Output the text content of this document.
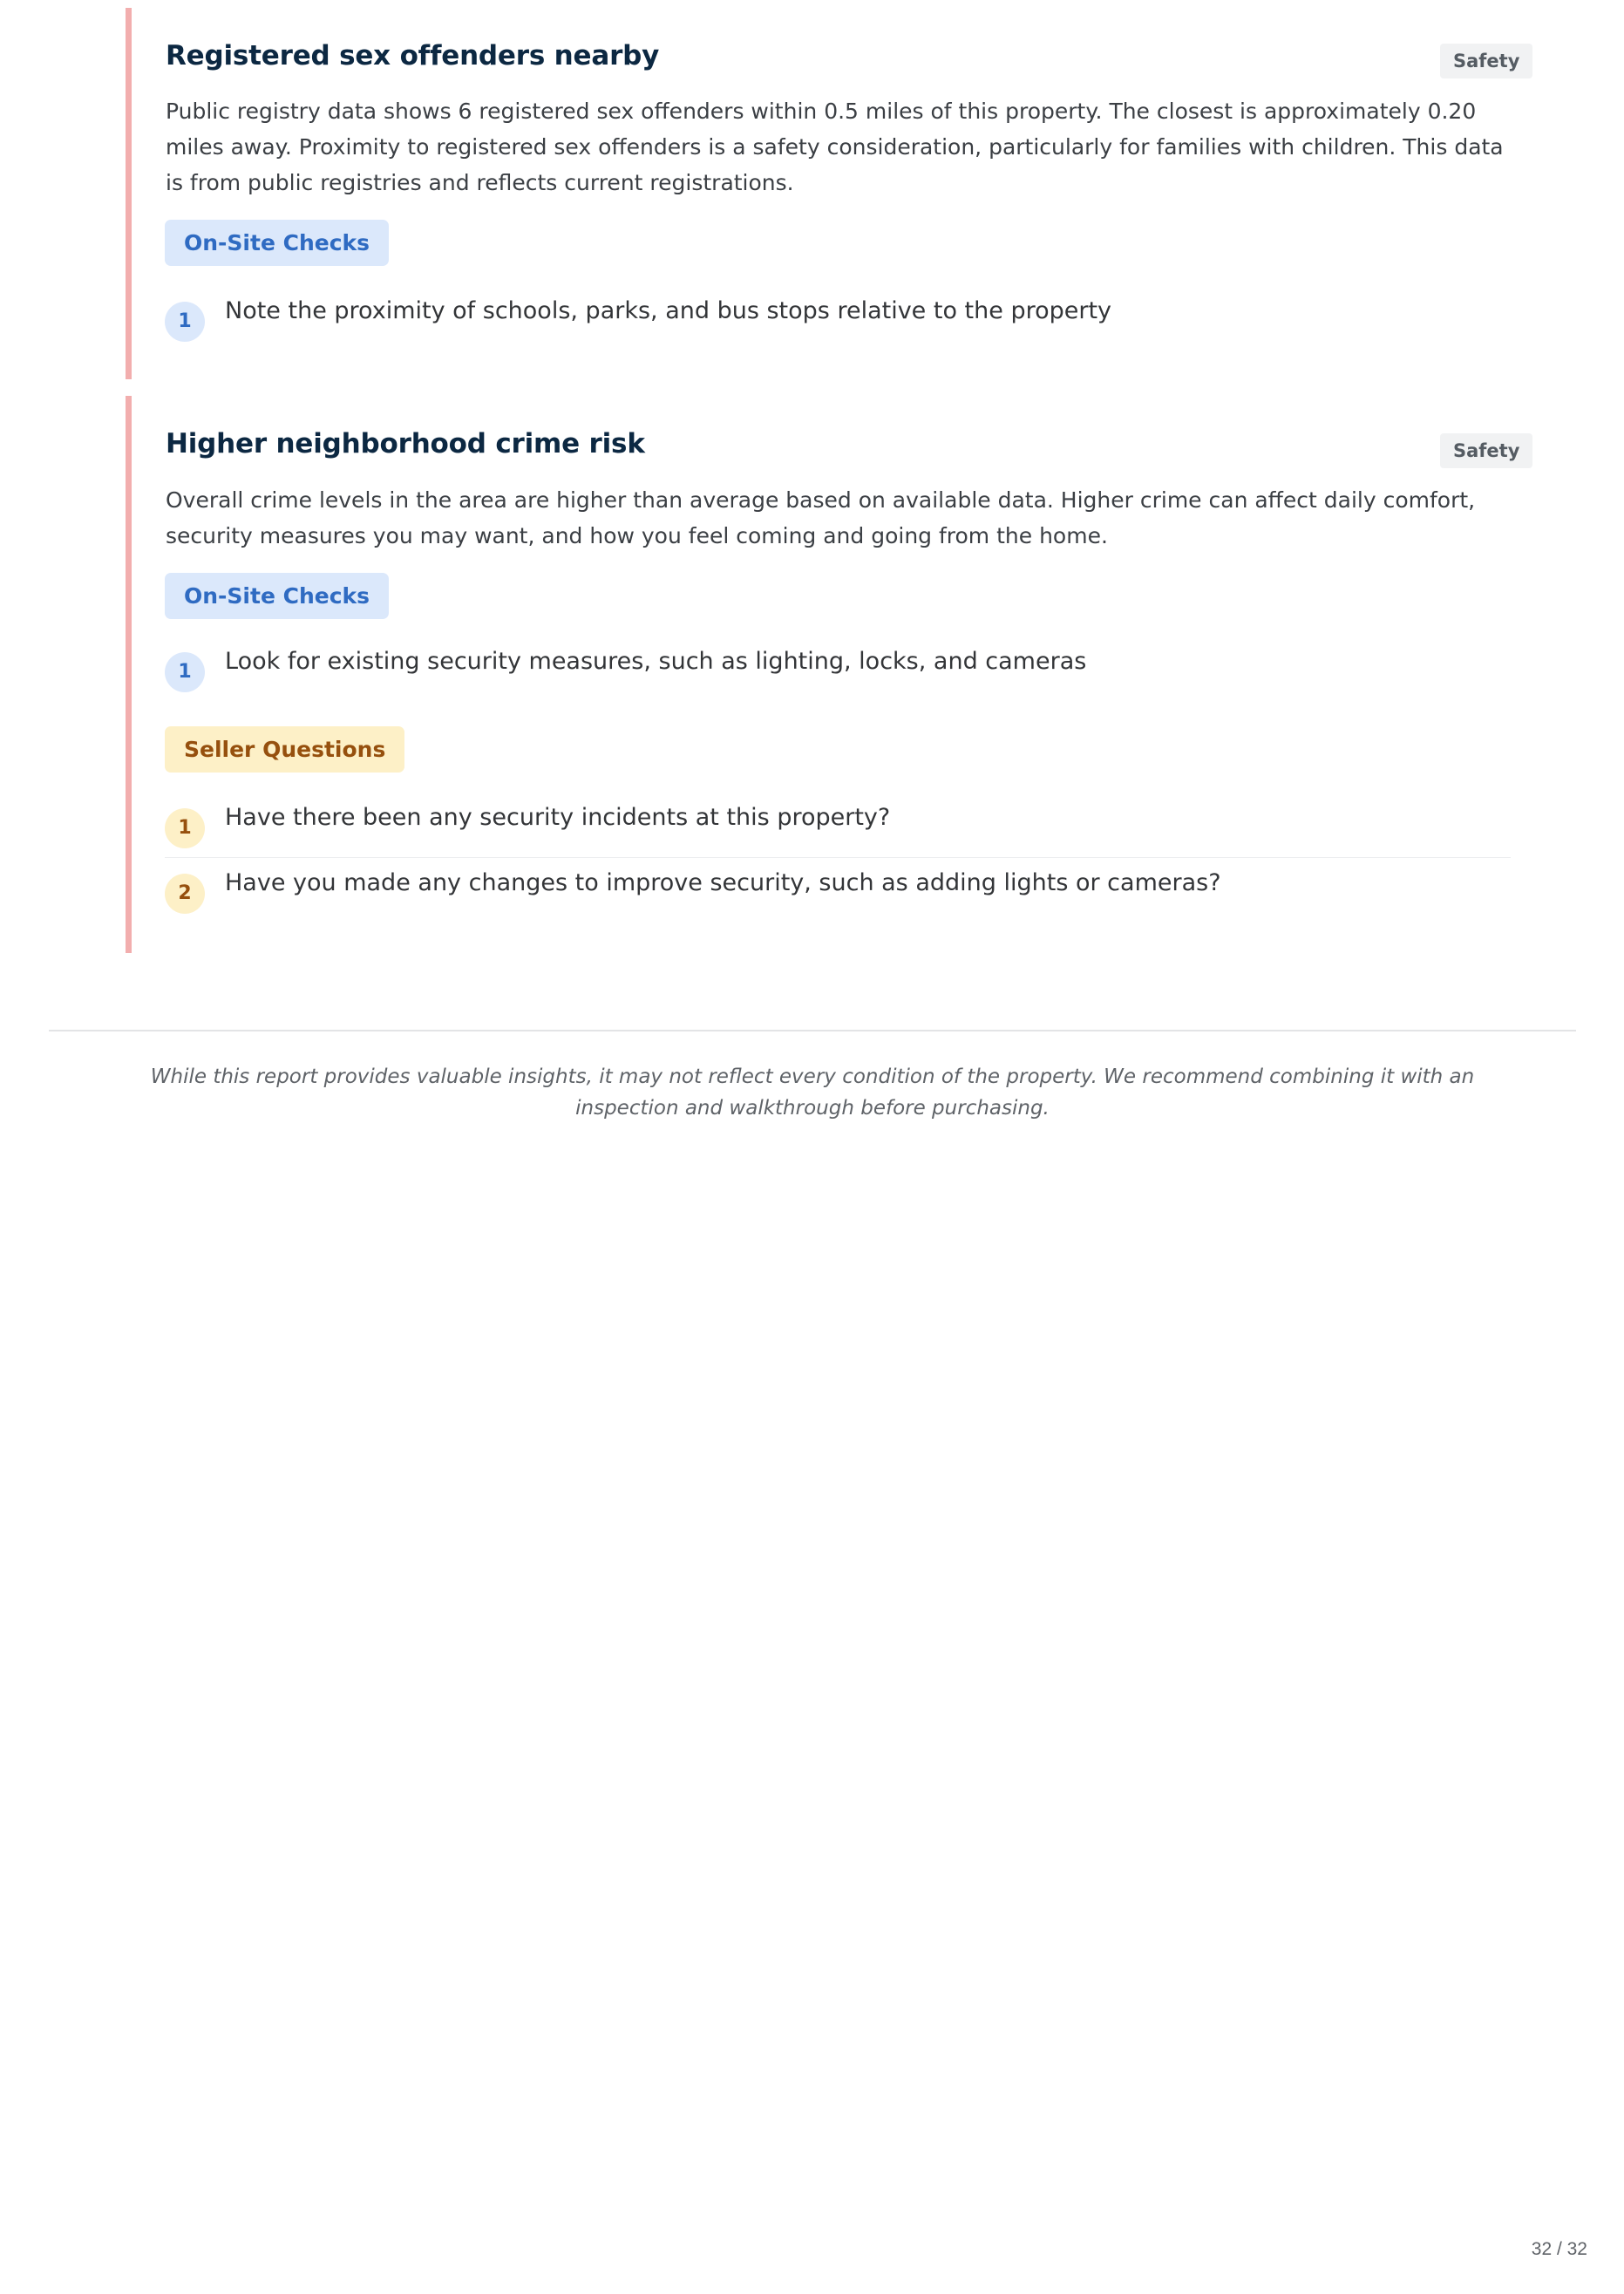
Registered sex offenders nearby	Safety
Public registry data shows 6 registered sex offenders within 0.5 miles of this property. The closest is approximately 0.20 miles away. Proximity to registered sex offenders is a safety consideration, particularly for families with children. This data is from public registries and reflects current registrations.
On-Site Checks
1	Note the proximity of schools, parks, and bus stops relative to the property
Higher neighborhood crime risk	Safety
Overall crime levels in the area are higher than average based on available data. Higher crime can affect daily comfort, security measures you may want, and how you feel coming and going from the home.
On-Site Checks
1	Look for existing security measures, such as lighting, locks, and cameras
Seller Questions
1	Have there been any security incidents at this property?
2	Have you made any changes to improve security, such as adding lights or cameras?
While this report provides valuable insights, it may not reflect every condition of the property. We recommend combining it with an inspection and walkthrough before purchasing.
32 / 32
